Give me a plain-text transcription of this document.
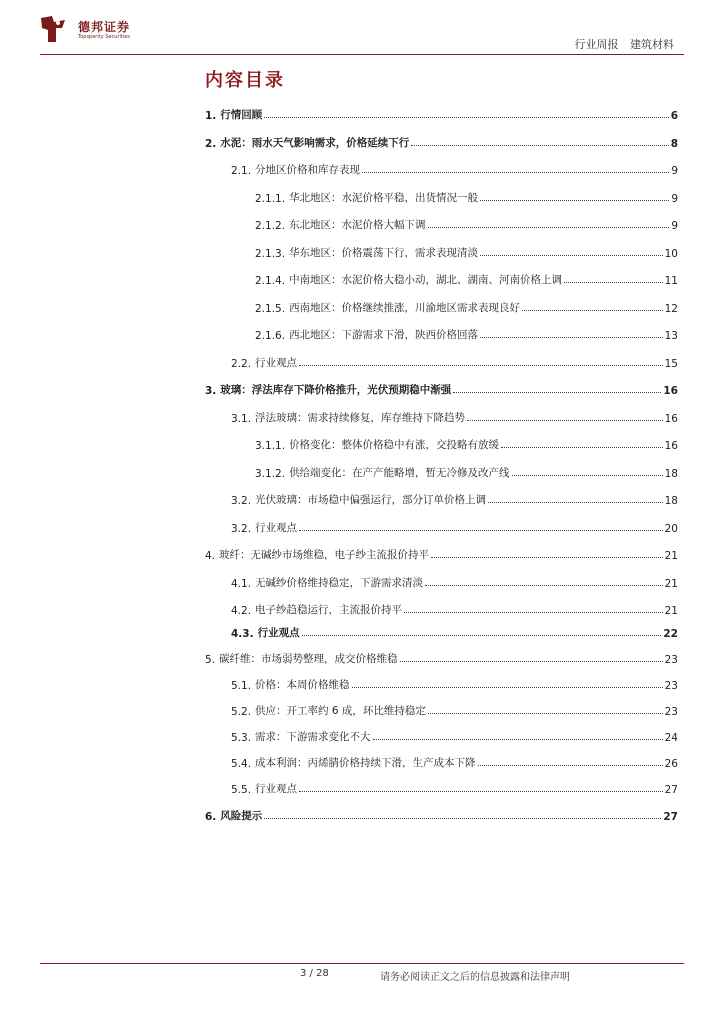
德邦证券
Topsperity Securities
行业周报 建筑材料
内容目录
1. 行情回顾	6
2. 水泥：雨水天气影响需求，价格延续下行	8
2.1. 分地区价格和库存表现	9
2.1.1. 华北地区：水泥价格平稳，出货情况一般	9
2.1.2. 东北地区：水泥价格大幅下调	9
2.1.3. 华东地区：价格震荡下行，需求表现清淡	10
2.1.4. 中南地区：水泥价格大稳小动，湖北、湖南、河南价格上调	11
2.1.5. 西南地区：价格继续推涨，川渝地区需求表现良好	12
2.1.6. 西北地区：下游需求下滑，陕西价格回落	13
2.2. 行业观点	15
3. 玻璃：浮法库存下降价格推升，光伏预期稳中渐强	16
3.1. 浮法玻璃：需求持续修复，库存维持下降趋势	16
3.1.1. 价格变化：整体价格稳中有涨，交投略有放缓	16
3.1.2. 供给端变化：在产产能略增，暂无冷修及改产线	18
3.2. 光伏玻璃：市场稳中偏强运行，部分订单价格上调	18
3.2. 行业观点	20
4. 玻纤：无碱纱市场维稳，电子纱主流报价持平	21
4.1. 无碱纱价格维持稳定，下游需求清淡	21
4.2. 电子纱趋稳运行，主流报价持平	21
4.3. 行业观点	22
5. 碳纤维：市场弱势整理，成交价格维稳	23
5.1. 价格：本周价格维稳	23
5.2. 供应：开工率约 6 成，环比维持稳定	23
5.3. 需求：下游需求变化不大	24
5.4. 成本利润：丙烯腈价格持续下滑，生产成本下降	26
5.5. 行业观点	27
6. 风险提示	27
3 / 28	请务必阅读正文之后的信息披露和法律声明
